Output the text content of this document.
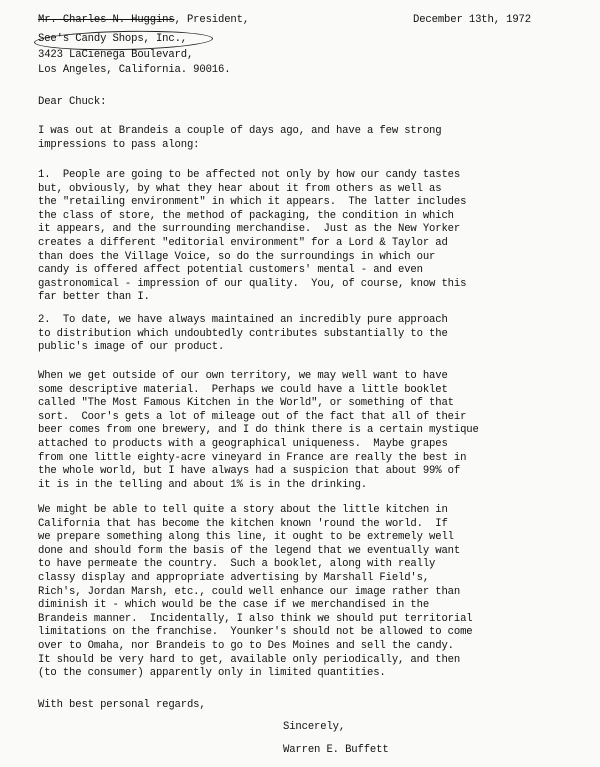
Mr. Charles N. Huggins, President,	December 13th, 1972
See's Candy Shops, Inc.,
3423 LaCienega Boulevard,
Los Angeles, California. 90016.
Dear Chuck:
I was out at Brandeis a couple of days ago, and have a few strong
impressions to pass along:
1.  People are going to be affected not only by how our candy tastes
but, obviously, by what they hear about it from others as well as
the "retailing environment" in which it appears.  The latter includes
the class of store, the method of packaging, the condition in which
it appears, and the surrounding merchandise.  Just as the New Yorker
creates a different "editorial environment" for a Lord & Taylor ad
than does the Village Voice, so do the surroundings in which our
candy is offered affect potential customers' mental - and even
gastronomical - impression of our quality.  You, of course, know this
far better than I.
2.  To date, we have always maintained an incredibly pure approach
to distribution which undoubtedly contributes substantially to the
public's image of our product.
When we get outside of our own territory, we may well want to have
some descriptive material.  Perhaps we could have a little booklet
called "The Most Famous Kitchen in the World", or something of that
sort.  Coor's gets a lot of mileage out of the fact that all of their
beer comes from one brewery, and I do think there is a certain mystique
attached to products with a geographical uniqueness.  Maybe grapes
from one little eighty-acre vineyard in France are really the best in
the whole world, but I have always had a suspicion that about 99% of
it is in the telling and about 1% is in the drinking.
We might be able to tell quite a story about the little kitchen in
California that has become the kitchen known 'round the world.  If
we prepare something along this line, it ought to be extremely well
done and should form the basis of the legend that we eventually want
to have permeate the country.  Such a booklet, along with really
classy display and appropriate advertising by Marshall Field's,
Rich's, Jordan Marsh, etc., could well enhance our image rather than
diminish it - which would be the case if we merchandised in the
Brandeis manner.  Incidentally, I also think we should put territorial
limitations on the franchise.  Younker's should not be allowed to come
over to Omaha, nor Brandeis to go to Des Moines and sell the candy.
It should be very hard to get, available only periodically, and then
(to the consumer) apparently only in limited quantities.
With best personal regards,
Sincerely,
Warren E. Buffett
